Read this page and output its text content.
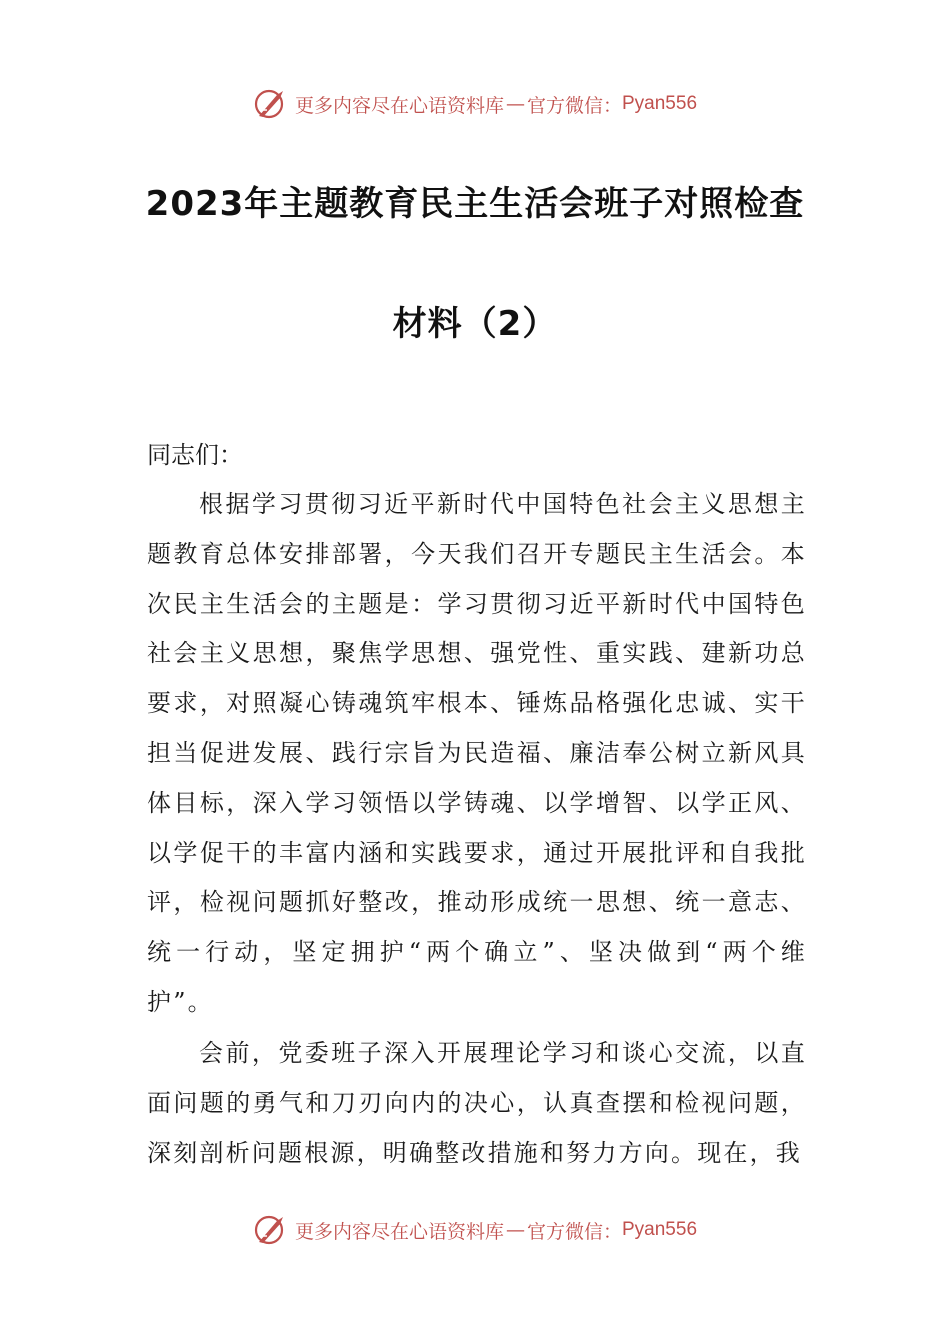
更多内容尽在心语资料库 — 官方微信： Pyan556
2023年主题教育民主生活会班子对照检查
材料（2）
同志们：

根据学习贯彻习近平新时代中国特色社会主义思想主题教育总体安排部署，今天我们召开专题民主生活会。本次民主生活会的主题是：学习贯彻习近平新时代中国特色社会主义思想，聚焦学思想、强党性、重实践、建新功总要求，对照凝心铸魂筑牢根本、锤炼品格强化忠诚、实干担当促进发展、践行宗旨为民造福、廉洁奉公树立新风具体目标，深入学习领悟以学铸魂、以学增智、以学正风、以学促干的丰富内涵和实践要求，通过开展批评和自我批评，检视问题抓好整改，推动形成统一思想、统一意志、统一行动，坚定拥护“两个确立”、坚决做到“两个维护”。

会前，党委班子深入开展理论学习和谈心交流，以直面问题的勇气和刀刃向内的决心，认真查摆和检视问题，深刻剖析问题根源，明确整改措施和努力方向。现在，我

更多内容尽在心语资料库 — 官方微信： Pyan556
